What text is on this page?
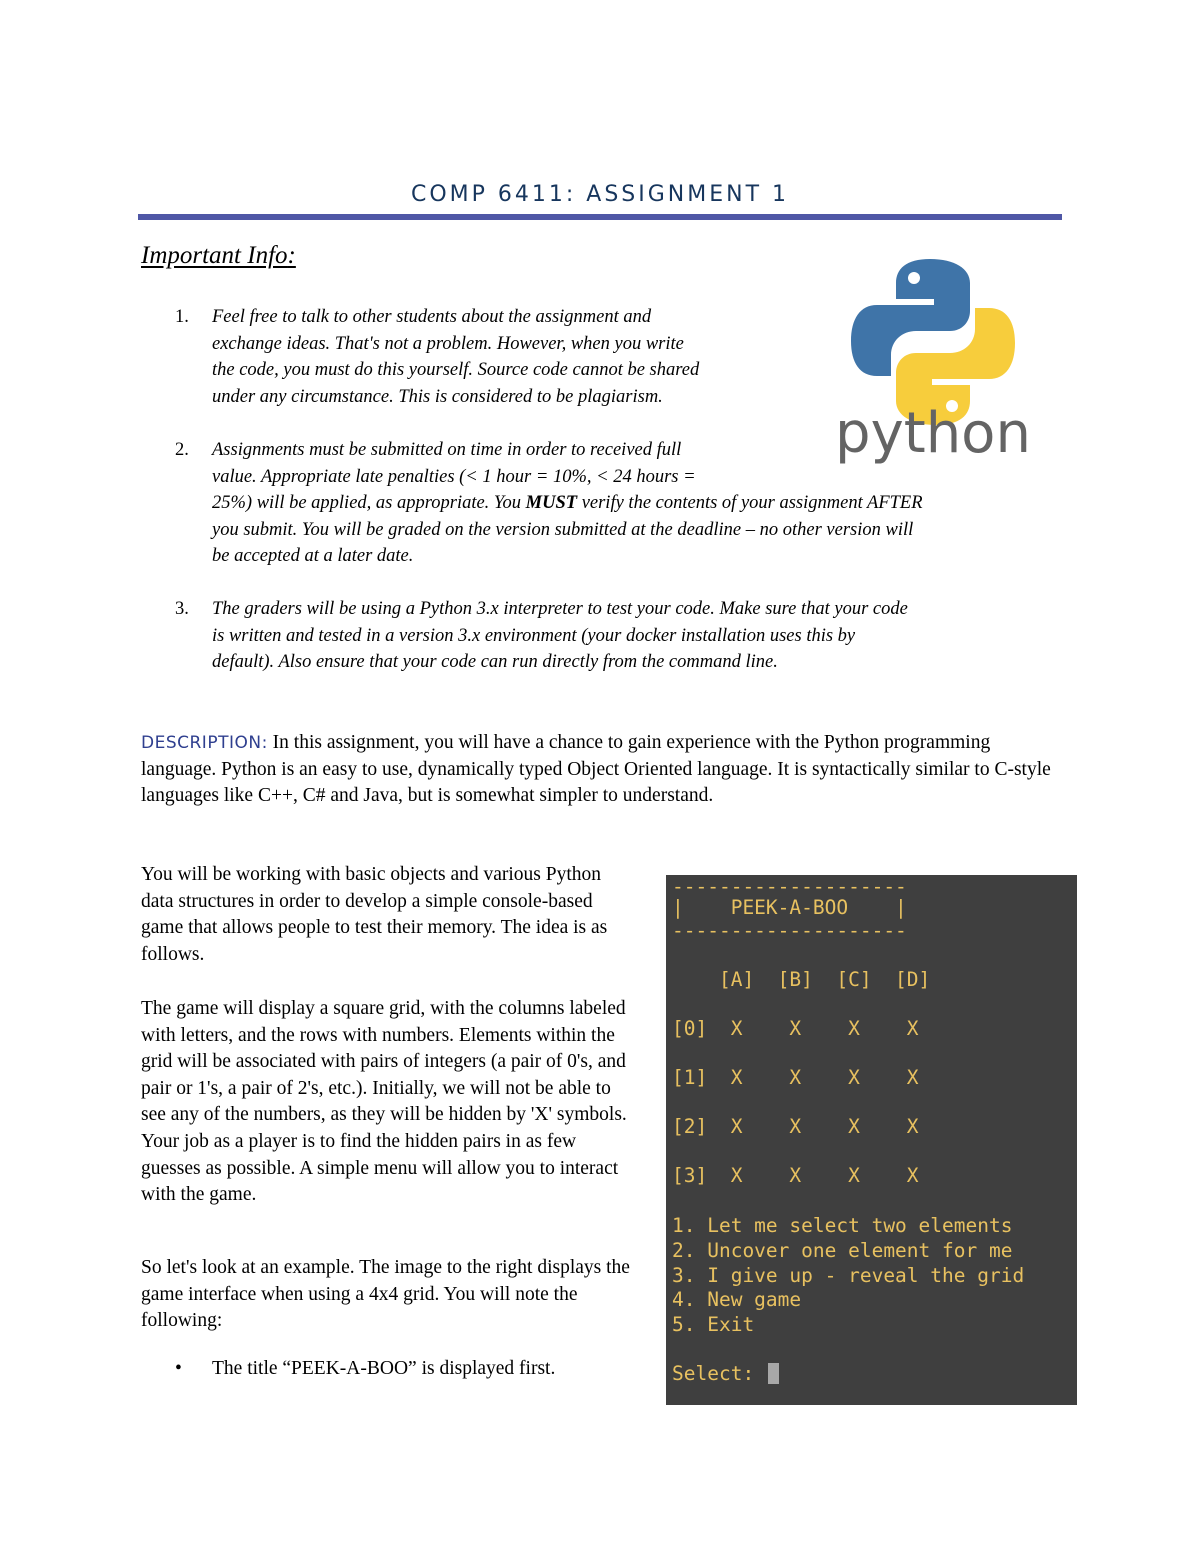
COMP 6411: ASSIGNMENT 1
Important Info:
1. Feel free to talk to other students about the assignment and
exchange ideas. That's not a problem. However, when you write
the code, you must do this yourself. Source code cannot be shared
under any circumstance. This is considered to be plagiarism.
2. Assignments must be submitted on time in order to received full
value. Appropriate late penalties (< 1 hour = 10%, < 24 hours =
25%) will be applied, as appropriate. You MUST verify the contents of your assignment AFTER
you submit. You will be graded on the version submitted at the deadline – no other version will
be accepted at a later date.
3. The graders will be using a Python 3.x interpreter to test your code. Make sure that your code
is written and tested in a version 3.x environment (your docker installation uses this by
default). Also ensure that your code can run directly from the command line.
python

DESCRIPTION: In this assignment, you will have a chance to gain experience with the Python programming language. Python is an easy to use, dynamically typed Object Oriented language. It is syntactically similar to C-style languages like C++, C# and Java, but is somewhat simpler to understand.

You will be working with basic objects and various Python data structures in order to develop a simple console-based game that allows people to test their memory. The idea is as follows.

The game will display a square grid, with the columns labeled with letters, and the rows with numbers. Elements within the grid will be associated with pairs of integers (a pair of 0's, and pair or 1's, a pair of 2's, etc.). Initially, we will not be able to see any of the numbers, as they will be hidden by 'X' symbols. Your job as a player is to find the hidden pairs in as few guesses as possible. A simple menu will allow you to interact with the game.

So let's look at an example. The image to the right displays the game interface when using a 4x4 grid. You will note the following:

• The title “PEEK-A-BOO” is displayed first.
--------------------
|    PEEK-A-BOO    |
--------------------
[A]  [B]  [C]  [D]
[0]  X    X    X    X
[1]  X    X    X    X
[2]  X    X    X    X
[3]  X    X    X    X
1. Let me select two elements
2. Uncover one element for me
3. I give up - reveal the grid
4. New game
5. Exit
Select:
